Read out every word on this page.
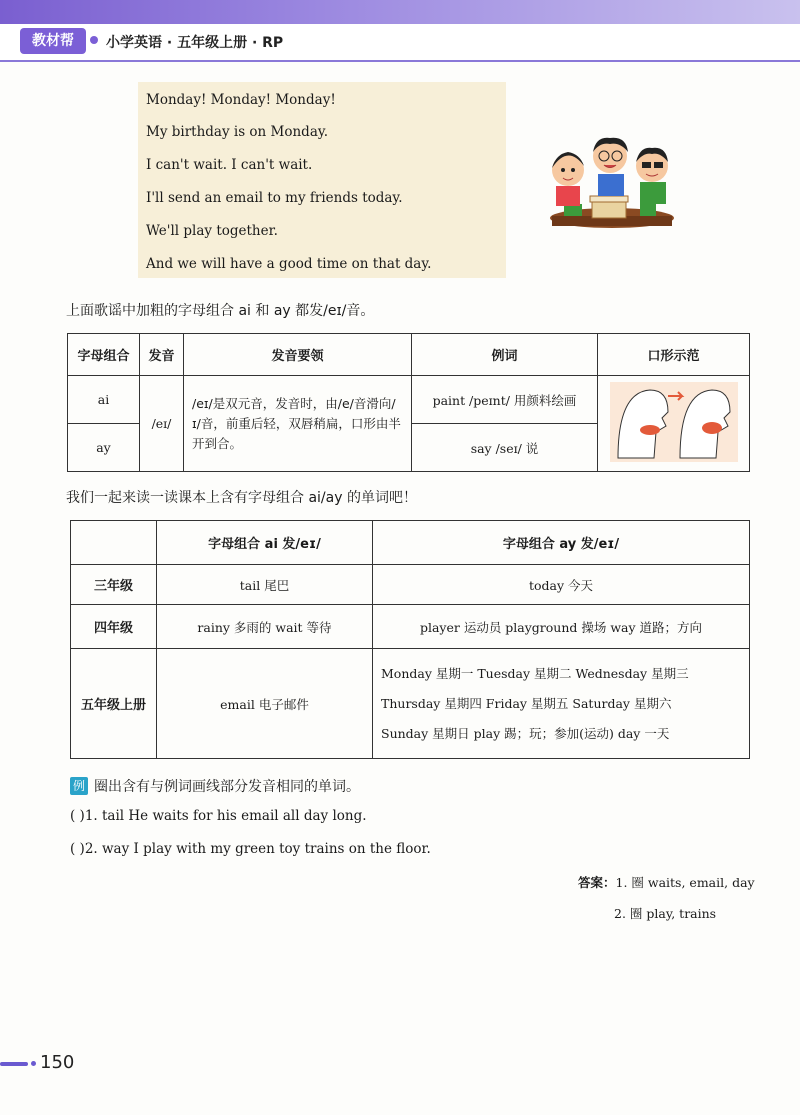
教材帮	小学英语 · 五年级上册 · RP
Monday! Monday! Monday!
My birthday is on Monday.
I can't wait. I can't wait.
I'll send an email to my friends today.
We'll play together.
And we will have a good time on that day.
上面歌谣中加粗的字母组合 ai 和 ay 都发/eɪ/音。
字母组合	发音	发音要领	例词	口形示范
ai	/eɪ/	/eɪ/是双元音，发音时，由/e/音滑向/ɪ/音，前重后轻，双唇稍扁，口形由半开到合。	paint /peɪnt/ 用颜料绘画	
ay			say /seɪ/ 说	
我们一起来读一读课本上含有字母组合 ai/ay 的单词吧！
	字母组合 ai 发/eɪ/	字母组合 ay 发/eɪ/
三年级	tail 尾巴	today 今天
四年级	rainy 多雨的 wait 等待	player 运动员 playground 操场 way 道路；方向
五年级上册	email 电子邮件	Monday 星期一 Tuesday 星期二 Wednesday 星期三
Thursday 星期四 Friday 星期五 Saturday 星期六
Sunday 星期日 play 踢；玩；参加(运动) day 一天
例 圈出含有与例词画线部分发音相同的单词。
( )1. tail He waits for his email all day long.
( )2. way I play with my green toy trains on the floor.
答案：1. 圈 waits, email, day
2. 圈 play, trains
150
